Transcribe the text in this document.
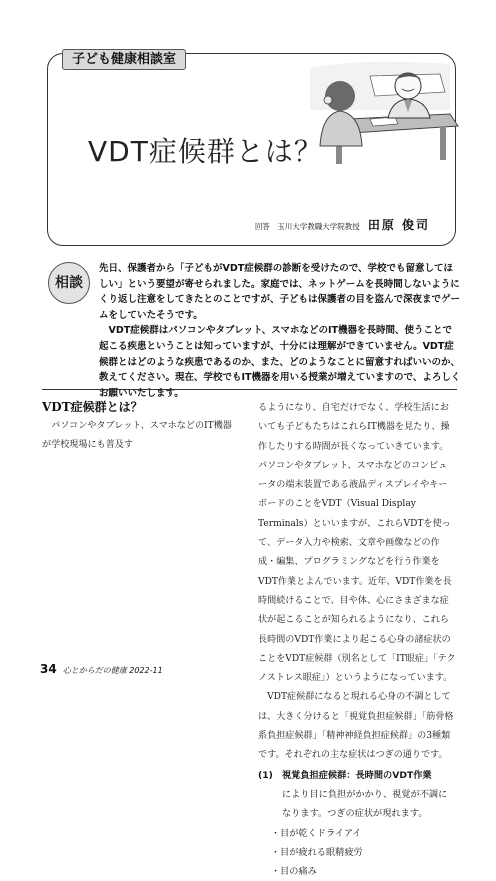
子ども健康相談室
VDT症候群とは？
回答　玉川大学教職大学院教授 田原 俊司
相談

先日、保護者から「子どもがVDT症候群の診断を受けたので、学校でも留意してほしい」という要望が寄せられました。家庭では、ネットゲームを長時間しないようにくり返し注意をしてきたとのことですが、子どもは保護者の目を盗んで深夜までゲームをしていたそうです。

VDT症候群はパソコンやタブレット、スマホなどのIT機器を長時間、使うことで起こる疾患ということは知っていますが、十分には理解ができていません。VDT症候群とはどのような疾患であるのか、また、どのようなことに留意すればいいのか、教えてください。現在、学校でもIT機器を用いる授業が増えていますので、よろしくお願いいたします。

VDT症候群とは？

パソコンやタブレット、スマホなどのIT機器が学校現場にも普及す

るようになり、自宅だけでなく、学校生活においても子どもたちはこれらIT機器を見たり、操作したりする時間が長くなっていきています。パソコンやタブレット、スマホなどのコンピュータの端末装置である液晶ディスプレイやキーボードのことをVDT（Visual Display Terminals）といいますが、これらVDTを使って、データ入力や検索、文章や画像などの作成・編集、プログラミングなどを行う作業をVDT作業とよんでいます。近年、VDT作業を長時間続けることで、目や体、心にさまざまな症状が起こることが知られるようになり、これら長時間のVDT作業により起こる心身の諸症状のことをVDT症候群（別名として「IT眼症」「テクノストレス眼症」）というようになっています。

VDT症候群になると現れる心身の不調としては、大きく分けると「視覚負担症候群」「筋骨格系負担症候群」「精神神経負担症候群」の3種類です。それぞれの主な症状はつぎの通りです。

(1)　視覚負担症候群：長時間のVDT作業
により目に負担がかかり、視覚が不調になります。つぎの症状が現れます。
・目が乾くドライアイ
・目が疲れる眼精疲労
・目の痛み
34 心とからだの健康 2022-11
